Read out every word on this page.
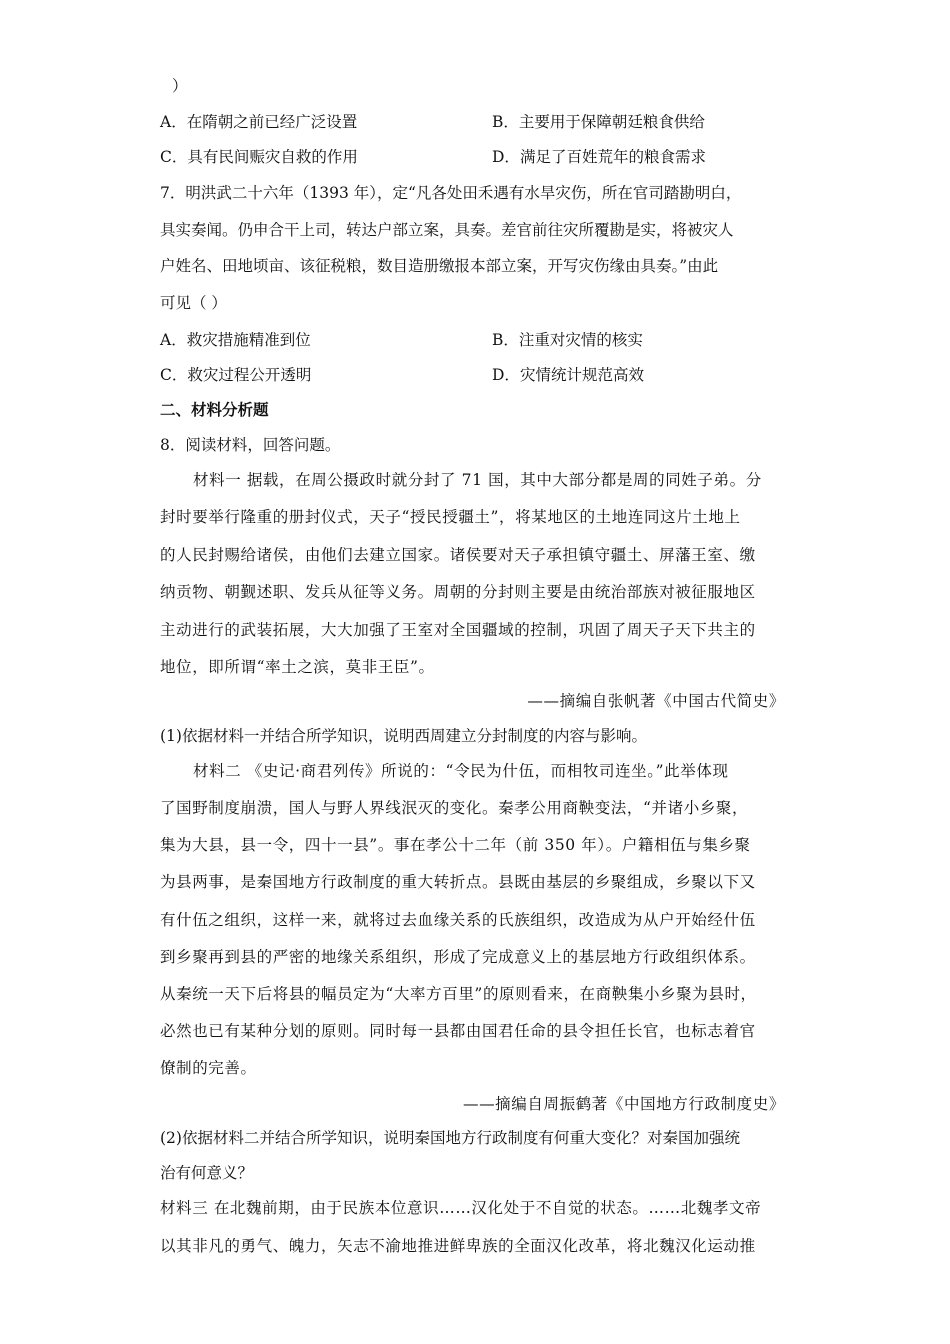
）
A．在隋朝之前已经广泛设置	B．主要用于保障朝廷粮食供给
C．具有民间赈灾自救的作用	D．满足了百姓荒年的粮食需求
7．明洪武二十六年（1393 年），定“凡各处田禾遇有水旱灾伤，所在官司踏勘明白，
具实奏闻。仍申合干上司，转达户部立案，具奏。差官前往灾所覆勘是实，将被灾人
户姓名、田地顷亩、该征税粮，数目造册缴报本部立案，开写灾伤缘由具奏。”由此
可见（ ）
A．救灾措施精准到位	B．注重对灾情的核实
C．救灾过程公开透明	D．灾情统计规范高效
二、材料分析题
8．阅读材料，回答问题。
材料一 据载，在周公摄政时就分封了 71 国，其中大部分都是周的同姓子弟。分
封时要举行隆重的册封仪式，天子“授民授疆土”，将某地区的土地连同这片土地上
的人民封赐给诸侯，由他们去建立国家。诸侯要对天子承担镇守疆土、屏藩王室、缴
纳贡物、朝觐述职、发兵从征等义务。周朝的分封则主要是由统治部族对被征服地区
主动进行的武装拓展，大大加强了王室对全国疆域的控制，巩固了周天子天下共主的
地位，即所谓“率土之滨，莫非王臣”。
——摘编自张帆著《中国古代简史》
(1)依据材料一并结合所学知识，说明西周建立分封制度的内容与影响。
材料二 《史记·商君列传》所说的：“令民为什伍，而相牧司连坐。”此举体现
了国野制度崩溃，国人与野人界线泯灭的变化。秦孝公用商鞅变法，“并诸小乡聚，
集为大县，县一令，四十一县”。事在孝公十二年（前 350 年）。户籍相伍与集乡聚
为县两事，是秦国地方行政制度的重大转折点。县既由基层的乡聚组成，乡聚以下又
有什伍之组织，这样一来，就将过去血缘关系的氏族组织，改造成为从户开始经什伍
到乡聚再到县的严密的地缘关系组织，形成了完成意义上的基层地方行政组织体系。
从秦统一天下后将县的幅员定为“大率方百里”的原则看来，在商鞅集小乡聚为县时，
必然也已有某种分划的原则。同时每一县都由国君任命的县令担任长官，也标志着官
僚制的完善。
——摘编自周振鹤著《中国地方行政制度史》
(2)依据材料二并结合所学知识，说明秦国地方行政制度有何重大变化？对秦国加强统
治有何意义？
材料三 在北魏前期，由于民族本位意识……汉化处于不自觉的状态。……北魏孝文帝
以其非凡的勇气、魄力，矢志不渝地推进鲜卑族的全面汉化改革，将北魏汉化运动推
